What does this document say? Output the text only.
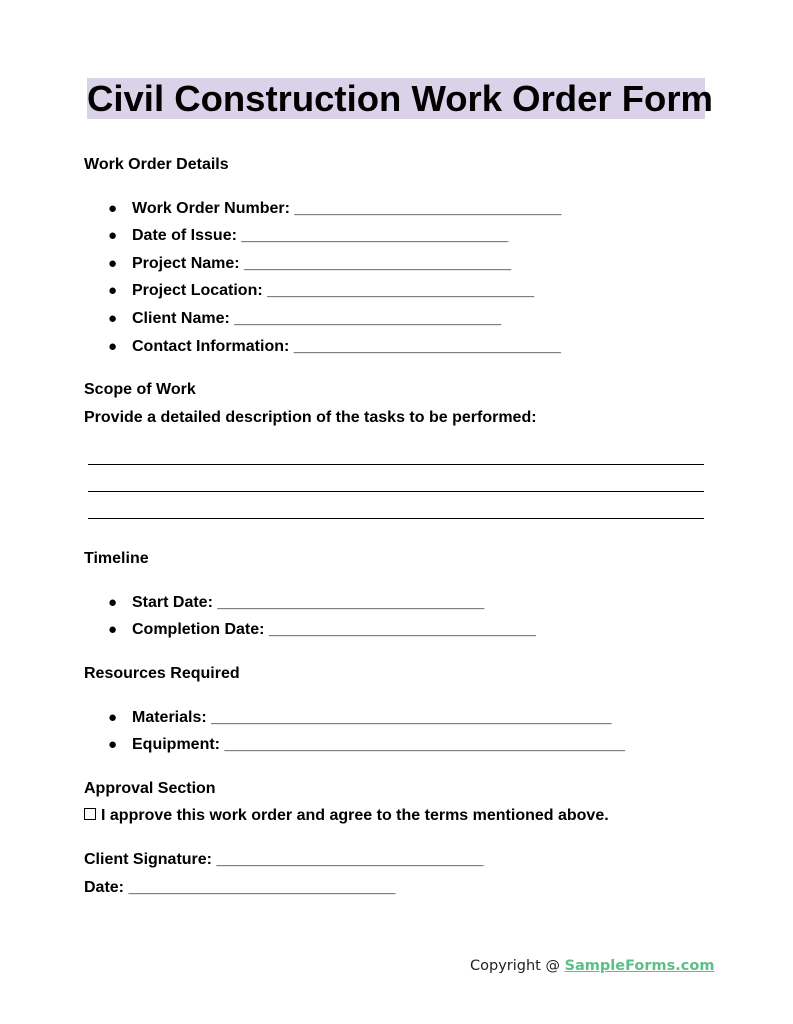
Civil Construction Work Order Form
Work Order Details
● Work Order Number: ______________________________
● Date of Issue: ______________________________
● Project Name: ______________________________
● Project Location: ______________________________
● Client Name: ______________________________
● Contact Information: ______________________________
Scope of Work
Provide a detailed description of the tasks to be performed:
Timeline
● Start Date: ______________________________
● Completion Date: ______________________________
Resources Required
● Materials: _____________________________________________
● Equipment: _____________________________________________
Approval Section
I approve this work order and agree to the terms mentioned above.
Client Signature: ______________________________
Date: ______________________________
Copyright @ SampleForms.com
